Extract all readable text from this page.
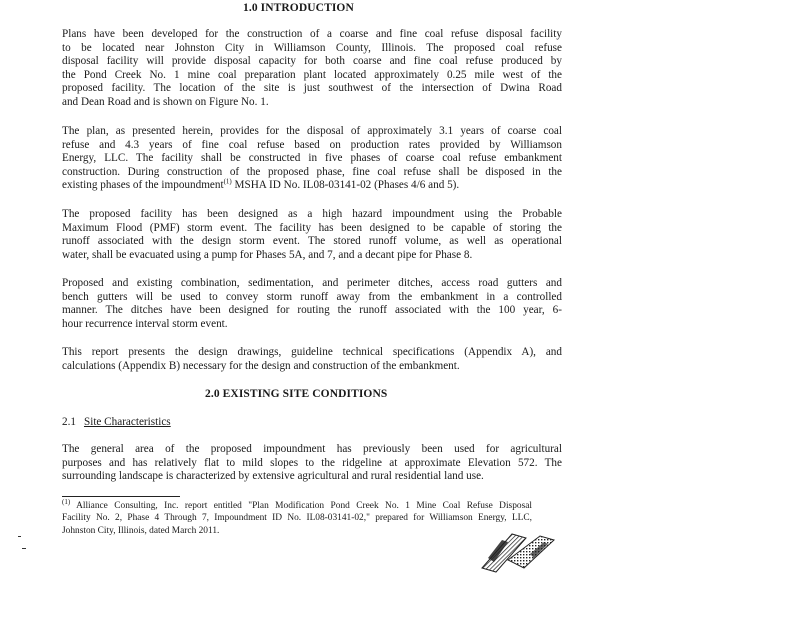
1.0 INTRODUCTION
Plans have been developed for the construction of a coarse and fine coal refuse disposal facility
to be located near Johnston City in Williamson County, Illinois. The proposed coal refuse
disposal facility will provide disposal capacity for both coarse and fine coal refuse produced by
the Pond Creek No. 1 mine coal preparation plant located approximately 0.25 mile west of the
proposed facility. The location of the site is just southwest of the intersection of Dwina Road
and Dean Road and is shown on Figure No. 1.
The plan, as presented herein, provides for the disposal of approximately 3.1 years of coarse coal
refuse and 4.3 years of fine coal refuse based on production rates provided by Williamson
Energy, LLC. The facility shall be constructed in five phases of coarse coal refuse embankment
construction. During construction of the proposed phase, fine coal refuse shall be disposed in the
existing phases of the impoundment$^{(1)}$ MSHA ID No. IL08-03141-02 (Phases 4/6 and 5).
The proposed facility has been designed as a high hazard impoundment using the Probable
Maximum Flood (PMF) storm event. The facility has been designed to be capable of storing the
runoff associated with the design storm event. The stored runoff volume, as well as operational
water, shall be evacuated using a pump for Phases 5A, and 7, and a decant pipe for Phase 8.
Proposed and existing combination, sedimentation, and perimeter ditches, access road gutters and
bench gutters will be used to convey storm runoff away from the embankment in a controlled
manner. The ditches have been designed for routing the runoff associated with the 100 year, 6-
hour recurrence interval storm event.
This report presents the design drawings, guideline technical specifications (Appendix A), and
calculations (Appendix B) necessary for the design and construction of the embankment.
2.0 EXISTING SITE CONDITIONS
2.1 Site Characteristics
The general area of the proposed impoundment has previously been used for agricultural
purposes and has relatively flat to mild slopes to the ridgeline at approximate Elevation 572. The
surrounding landscape is characterized by extensive agricultural and rural residential land use.
$^{(1)}$ Alliance Consulting, Inc. report entitled "Plan Modification Pond Creek No. 1 Mine Coal Refuse Disposal
Facility No. 2, Phase 4 Through 7, Impoundment ID No. IL08-03141-02," prepared for Williamson Energy, LLC,
Johnston City, Illinois, dated March 2011.
